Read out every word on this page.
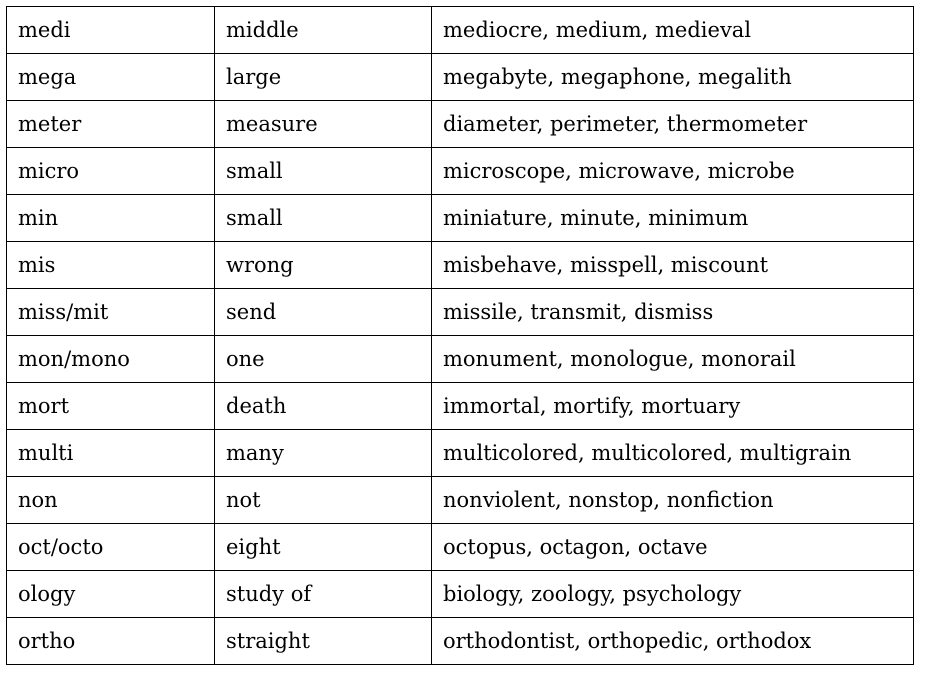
medi	middle	mediocre, medium, medieval
mega	large	megabyte, megaphone, megalith
meter	measure	diameter, perimeter, thermometer
micro	small	microscope, microwave, microbe
min	small	miniature, minute, minimum
mis	wrong	misbehave, misspell, miscount
miss/mit	send	missile, transmit, dismiss
mon/mono	one	monument, monologue, monorail
mort	death	immortal, mortify, mortuary
multi	many	multicolored, multicolored, multigrain
non	not	nonviolent, nonstop, nonfiction
oct/octo	eight	octopus, octagon, octave
ology	study of	biology, zoology, psychology
ortho	straight	orthodontist, orthopedic, orthodox
